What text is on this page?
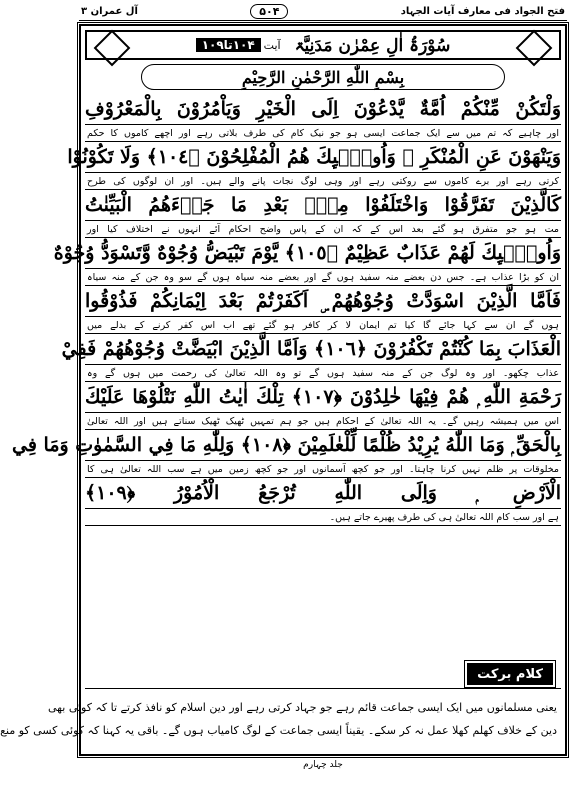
فتح الجواد فی معارف آیات الجہاد
۵۰۴
آل عمران ۳
سُوْرَۃُ اٰلِ عِمْرٰن مَدَنِیَّۃ
آیت
۱۰۴تا۱۰۹
بِسْمِ اللّٰهِ الرَّحْمٰنِ الرَّحِيْمِ
وَلْتَكُنْ مِّنْكُمْ اُمَّةٌ يَّدْعُوْنَ اِلَى الْخَيْرِ وَيَاْمُرُوْنَ بِالْمَعْرُوْفِ
اور چاہیے کہ تم میں سے ایک جماعت ایسی ہو جو نیک کام کی طرف بلاتی رہے اور اچھے کاموں کا حکم
وَيَنْهَوْنَ عَنِ الْمُنْكَرِ ۭ وَاُولٰۗىِٕكَ ھُمُ الْمُفْلِحُوْنَ ﴿١٠٤﴾ وَلَا تَكُوْنُوْا
کرتی رہے اور برے کاموں سے روکتی رہے اور وہی لوگ نجات پانے والے ہیں۔ اور ان لوگوں کی طرح
كَالَّذِيْنَ تَفَرَّقُوْا وَاخْتَلَفُوْا مِنْۢ بَعْدِ مَا جَاۗءَھُمُ الْبَيِّنٰتُ
مت ہو جو متفرق ہو گئے بعد اس کے کہ ان کے پاس واضح احکام آئے انہوں نے اختلاف کیا اور
وَاُولٰۗىِٕكَ لَھُمْ عَذَابٌ عَظِيْمٌ ﴿١٠٥﴾ يَّوْمَ تَبْيَضُّ وُجُوْهٌ وَّتَسْوَدُّ وُجُوْهٌ
ان کو بڑا عذاب ہے۔ جس دن بعضے منہ سفید ہوں گے اور بعضے منہ سیاہ ہوں گے سو وہ جن کے منہ سیاہ
فَاَمَّا الَّذِيْنَ اسْوَدَّتْ وُجُوْهُھُمْ ۣ اَكَفَرْتُمْ بَعْدَ اِيْمَانِكُمْ فَذُوْقُوا
ہوں گے ان سے کہا جائے گا کیا تم ایمان لا کر کافر ہو گئے تھے اب اس کفر کرنے کے بدلے میں
الْعَذَابَ بِمَا كُنْتُمْ تَكْفُرُوْنَ ﴿١٠٦﴾ وَاَمَّا الَّذِيْنَ ابْيَضَّتْ وُجُوْهُھُمْ فَفِيْ
عذاب چکھو۔ اور وہ لوگ جن کے منہ سفید ہوں گے تو وہ اللہ تعالیٰ کی رحمت میں ہوں گے وہ
رَحْمَةِ اللّٰهِ ۭ ھُمْ فِيْھَا خٰلِدُوْنَ ﴿١٠٧﴾ تِلْكَ اٰيٰتُ اللّٰهِ نَتْلُوْھَا عَلَيْكَ
اس میں ہمیشہ رہیں گے۔ یہ اللہ تعالیٰ کے احکام ہیں جو ہم تمہیں ٹھیک ٹھیک سناتے ہیں اور اللہ تعالیٰ
بِالْحَقِّ ۭ وَمَا اللّٰهُ يُرِيْدُ ظُلْمًا لِّلْعٰلَمِيْنَ ﴿١٠٨﴾ وَلِلّٰهِ مَا فِي السَّمٰوٰتِ وَمَا فِي
مخلوقات پر ظلم نہیں کرنا چاہتا۔ اور جو کچھ آسمانوں اور جو کچھ زمین میں ہے سب اللہ تعالیٰ ہی کا
الْاَرْضِ ۭ وَاِلَى اللّٰهِ تُرْجَعُ الْاُمُوْرُ ﴿١٠٩﴾
ہے اور سب کام اللہ تعالیٰ ہی کی طرف پھیرے جاتے ہیں۔
کلام برکت

یعنی مسلمانوں میں ایک ایسی جماعت قائم رہے جو جہاد کرتی رہے اور دین اسلام کو نافذ کرتے تا کہ کوئی بھی

دین کے خلاف کھلم کھلا عمل نہ کر سکے۔ یقیناً ایسی جماعت کے لوگ کامیاب ہوں گے۔ باقی یہ کہنا کہ کوئی کسی کو منع

جلد چہارم
